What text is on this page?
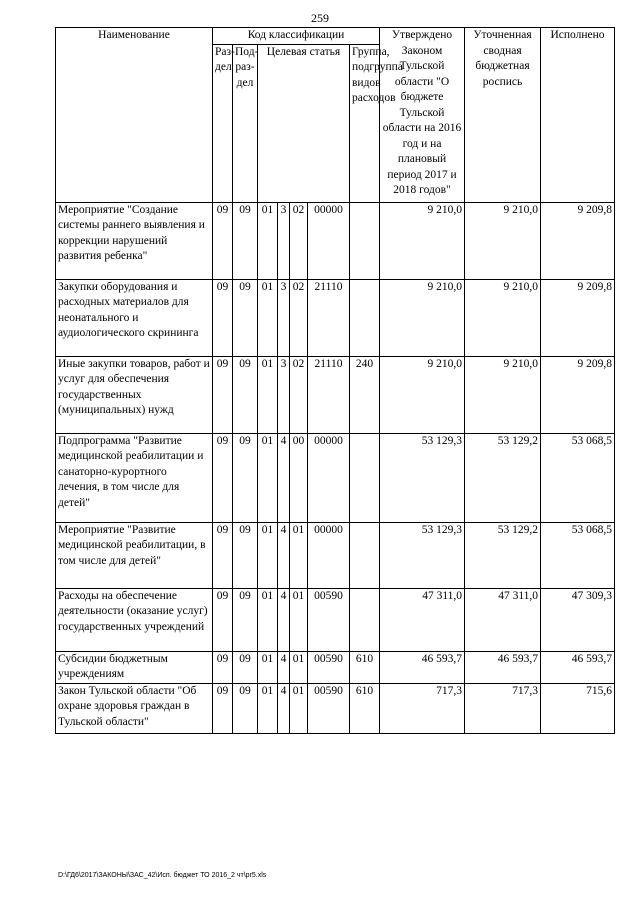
259
Наименование	Код классификации							Утверждено Законом Тульской области "О бюджете Тульской области на 2016 год и на плановый период 2017 и 2018 годов"	Уточненная сводная бюджетная роспись	Исполнено
	Раз-дел	Под-раз-дел	Целевая статья				Группа, подгруппа видов расходов			
Мероприятие "Создание системы раннего выявления и коррекции нарушений развития ребенка"	09	09	01	3	02	00000		9 210,0	9 210,0	9 209,8
Закупки оборудования и расходных материалов для неонатального и аудиологического скрининга	09	09	01	3	02	21110		9 210,0	9 210,0	9 209,8
Иные закупки товаров, работ и услуг для обеспечения государственных (муниципальных) нужд	09	09	01	3	02	21110	240	9 210,0	9 210,0	9 209,8
Подпрограмма "Развитие медицинской реабилитации и санаторно-курортного лечения, в том числе для детей"	09	09	01	4	00	00000		53 129,3	53 129,2	53 068,5
Мероприятие "Развитие медицинской реабилитации, в том числе для детей"	09	09	01	4	01	00000		53 129,3	53 129,2	53 068,5
Расходы на обеспечение деятельности (оказание услуг) государственных учреждений	09	09	01	4	01	00590		47 311,0	47 311,0	47 309,3
Субсидии бюджетным учреждениям	09	09	01	4	01	00590	610	46 593,7	46 593,7	46 593,7
Закон Тульской области "Об охране здоровья граждан в Тульской области"	09	09	01	4	01	00590	610	717,3	717,3	715,6
D:\ГД6\2017\ЗАКОНЫ\ЗАС_42\Исп. бюджет ТО 2016_2 чт\pr5.xls
